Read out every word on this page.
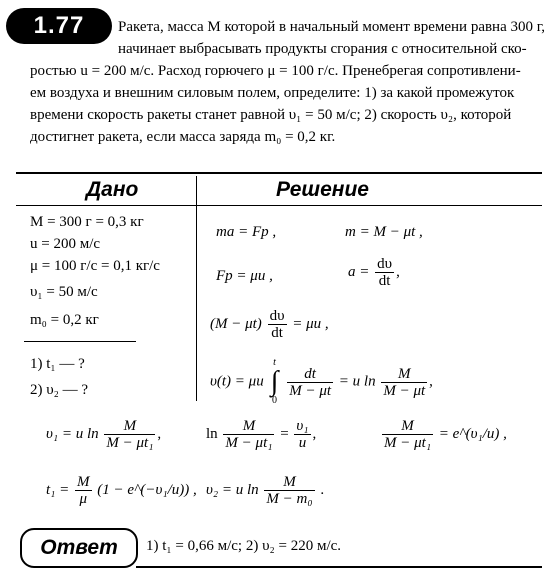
1.77	Ракета, масса M которой в начальный момент времени равна 300 г,
начинает выбрасывать продукты сгорания с относительной ско-
ростью u = 200 м/с. Расход горючего μ = 100 г/с. Пренебрегая сопротивлени-
ем воздуха и внешним силовым полем, определите: 1) за какой промежуток
времени скорость ракеты станет равной υ₁ = 50 м/с; 2) скорость υ₂, которой
достигнет ракета, если масса заряда m₀ = 0,2 кг.
Дано	Решение
M = 300 г = 0,3 кг
u = 200 м/с
μ = 100 г/с = 0,1 кг/с
υ₁ = 50 м/с
m₀ = 0,2 кг
1) t₁ — ?
2) υ₂ — ?
ma = Fр ,	m = M − μt ,
Fр = μu ,	$a = \frac{d\upsilon}{dt}$ ,
$(M - \mu t) \frac{d\upsilon}{dt} = \mu u$ ,
υ(t) = μu
t
∫
0

$\frac{dt}{M - \mu t} = u$ $\ln \frac{M}{M - \mu t}$ ,
υ₁ = u $\ln \frac{M}{\text{M − μt₁}}$ ,	$\ln \frac{M}{\text{M − μt₁}} = \frac{\text{υ₁}}{u}$ ,	$\frac{M}{\text{M − μt₁}}$ = e^(υ₁/u) ,
$t_1 = \frac{M}{\mu} (1$ − e^(−υ₁/u)) , υ₂ = u $\ln \frac{M}{\text{M − m₀}}$ .
Ответ 1) t₁ = 0,66 м/с; 2) υ₂ = 220 м/с.
